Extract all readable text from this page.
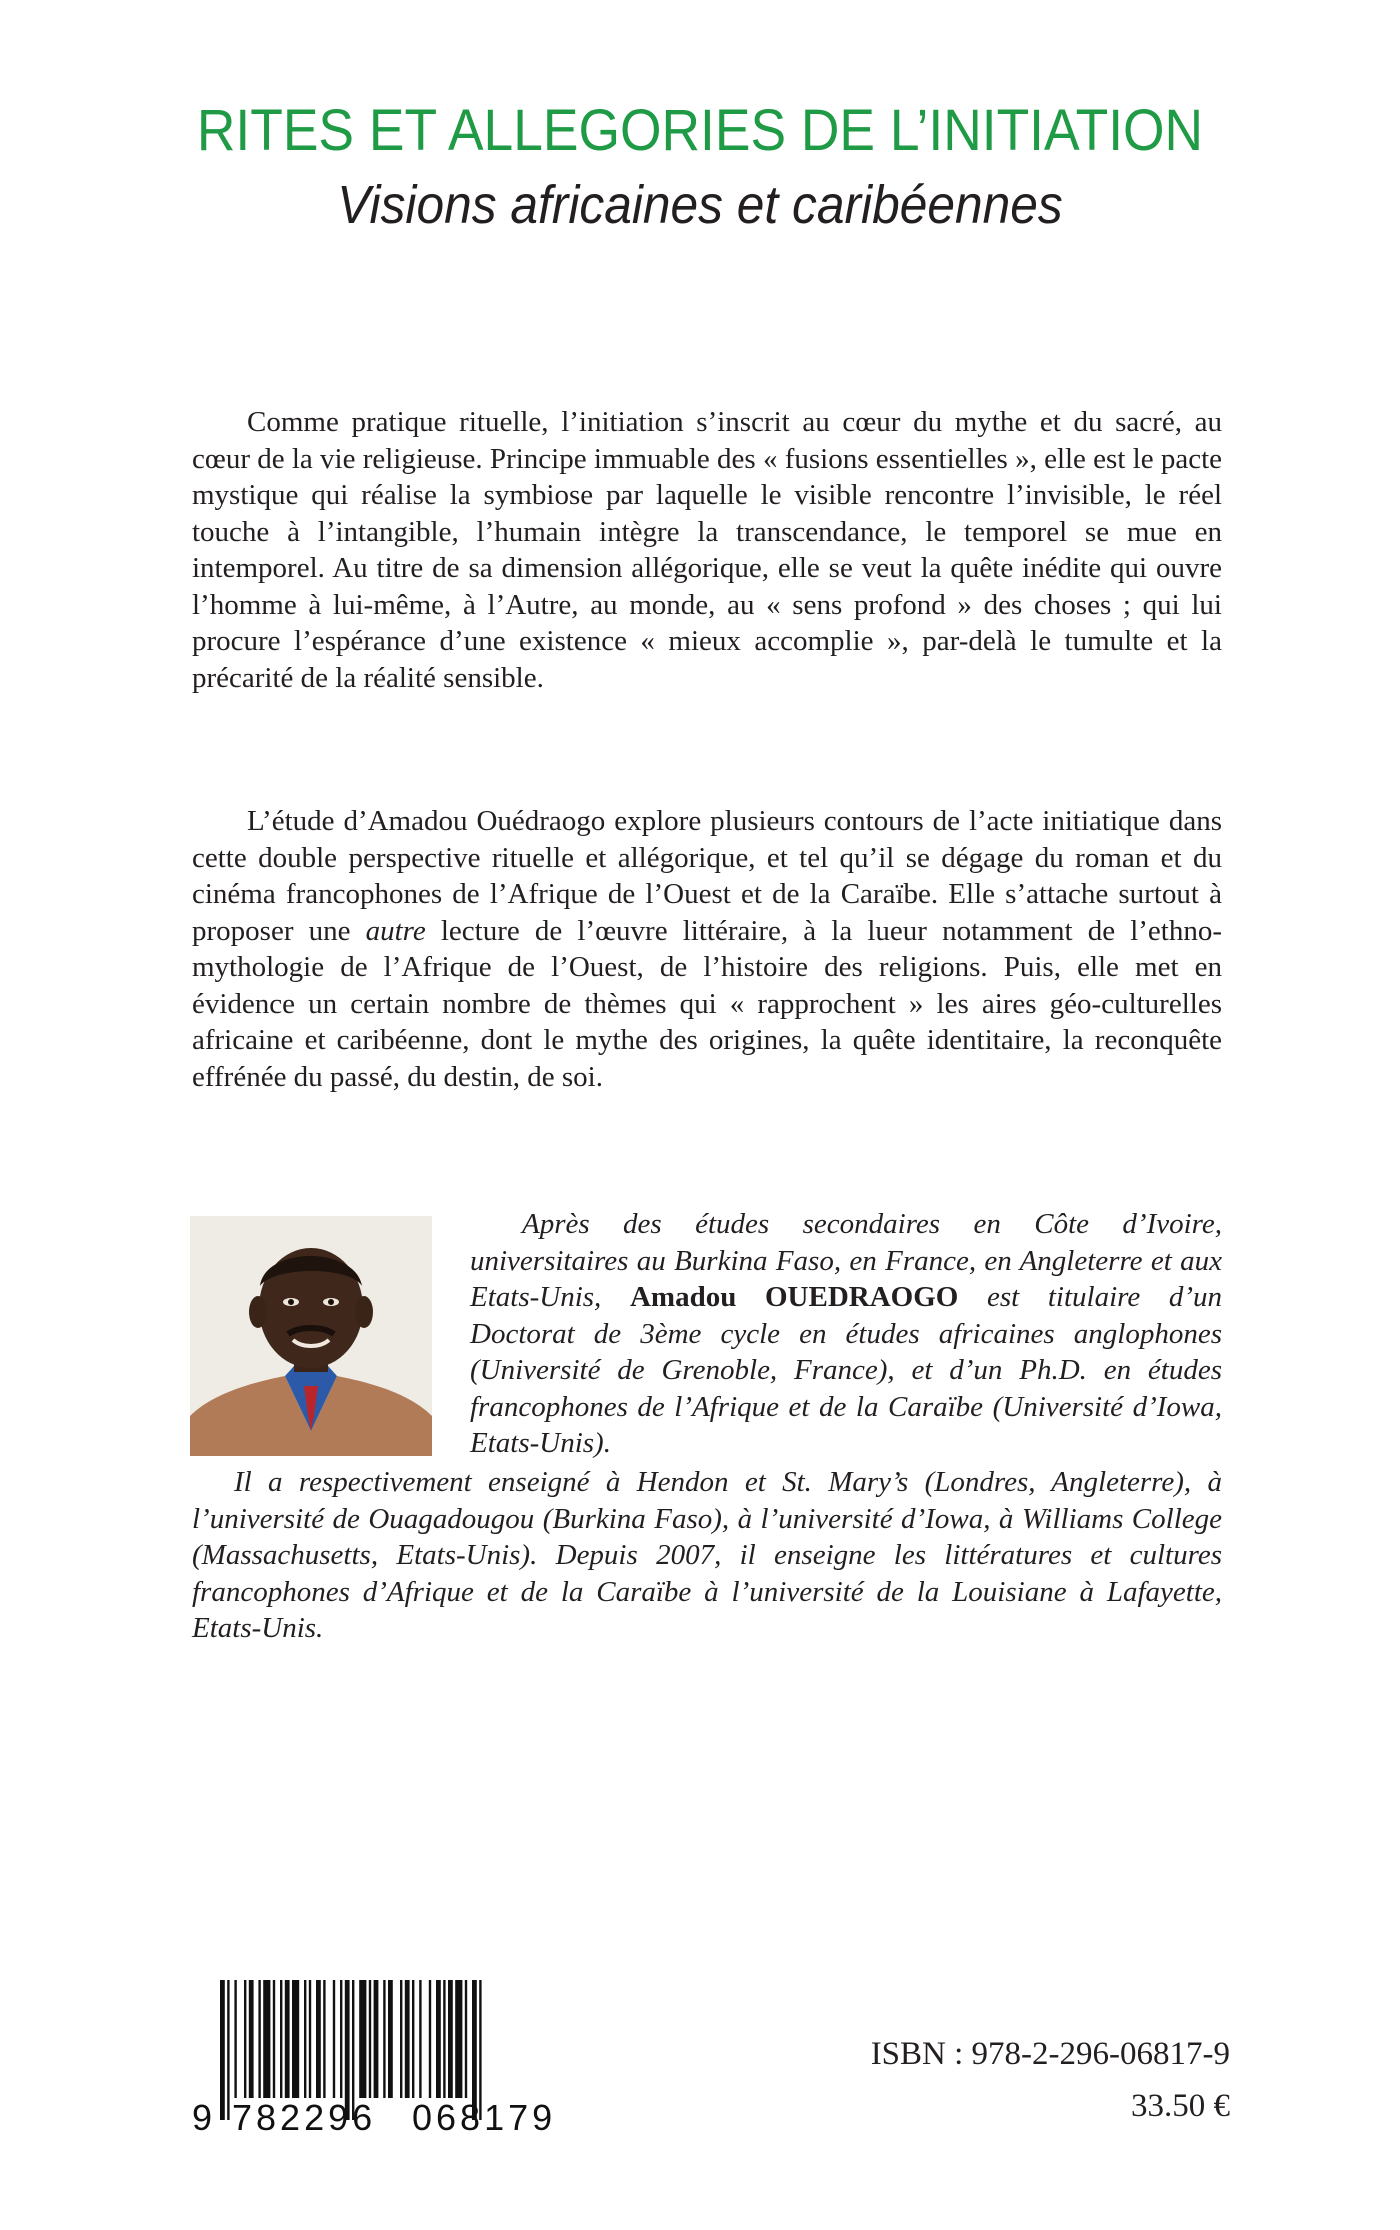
RITES ET ALLEGORIES DE L’INITIATION
Visions africaines et caribéennes

Comme pratique rituelle, l’initiation s’inscrit au cœur du mythe et du sacré, au cœur de la vie religieuse. Principe immuable des « fusions essentielles », elle est le pacte mystique qui réalise la symbiose par laquelle le visible rencontre l’invisible, le réel touche à l’intangible, l’humain intègre la transcendance, le temporel se mue en intemporel. Au titre de sa dimension allégorique, elle se veut la quête inédite qui ouvre l’homme à lui-même, à l’Autre, au monde, au « sens profond » des choses ; qui lui procure l’espérance d’une existence « mieux accomplie », par-delà le tumulte et la précarité de la réalité sensible.

L’étude d’Amadou Ouédraogo explore plusieurs contours de l’acte initiatique dans cette double perspective rituelle et allégorique, et tel qu’il se dégage du roman et du cinéma francophones de l’Afrique de l’Ouest et de la Caraïbe. Elle s’attache surtout à proposer une autre lecture de l’œuvre littéraire, à la lueur notamment de l’ethno-mythologie de l’Afrique de l’Ouest, de l’histoire des religions. Puis, elle met en évidence un certain nombre de thèmes qui « rapprochent » les aires géo-culturelles africaine et caribéenne, dont le mythe des origines, la quête identitaire, la reconquête effrénée du passé, du destin, de soi.

Après des études secondaires en Côte d’Ivoire, universitaires au Burkina Faso, en France, en Angleterre et aux Etats-Unis, Amadou OUEDRAOGO est titulaire d’un Doctorat de 3ème cycle en études africaines anglophones (Université de Grenoble, France), et d’un Ph.D. en études francophones de l’Afrique et de la Caraïbe (Université d’Iowa, Etats-Unis).

Il a respectivement enseigné à Hendon et St. Mary’s (Londres, Angleterre), à l’université de Ouagadougou (Burkina Faso), à l’université d’Iowa, à Williams College (Massachusetts, Etats-Unis). Depuis 2007, il enseigne les littératures et cultures francophones d’Afrique et de la Caraïbe à l’université de la Louisiane à Lafayette, Etats-Unis.

9 782296 068179
ISBN : 978-2-296-06817-9
33.50 €
